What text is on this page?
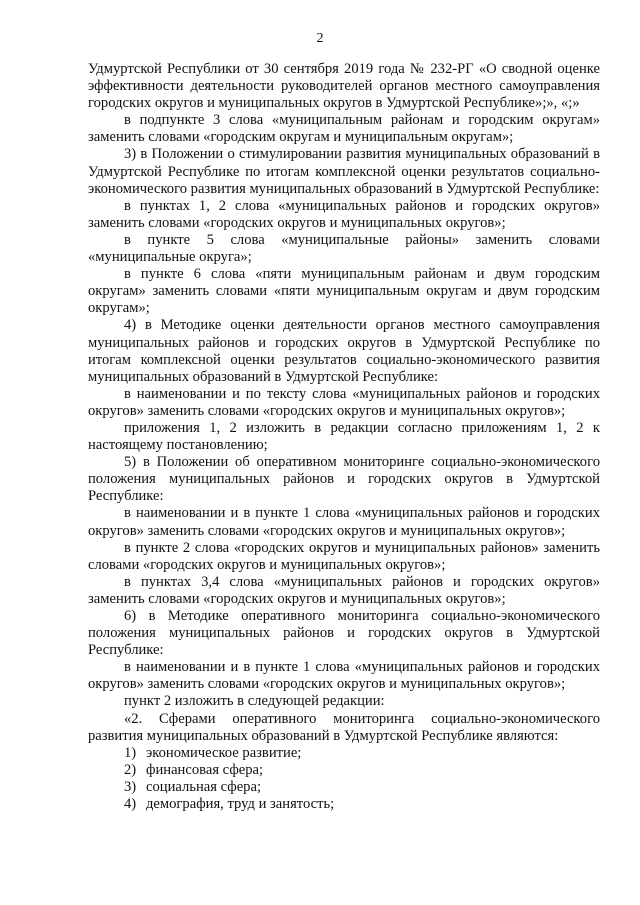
2

Удмуртской Республики от 30 сентября 2019 года № 232-РГ «О сводной оценке эффективности деятельности руководителей органов местного самоуправления городских округов и муниципальных округов в Удмуртской Республике»;», «;»

в подпункте 3 слова «муниципальным районам и городским округам» заменить словами «городским округам и муниципальным округам»;

3) в Положении о стимулировании развития муниципальных образований в Удмуртской Республике по итогам комплексной оценки результатов социально-экономического развития муниципальных образований в Удмуртской Республике:

в пунктах 1, 2 слова «муниципальных районов и городских округов» заменить словами «городских округов и муниципальных округов»;

в пункте 5 слова «муниципальные районы» заменить словами «муниципальные округа»;

в пункте 6 слова «пяти муниципальным районам и двум городским округам» заменить словами «пяти муниципальным округам и двум городским округам»;

4) в Методике оценки деятельности органов местного самоуправления муниципальных районов и городских округов в Удмуртской Республике по итогам комплексной оценки результатов социально-экономического развития муниципальных образований в Удмуртской Республике:

в наименовании и по тексту слова «муниципальных районов и городских округов» заменить словами «городских округов и муниципальных округов»;

приложения 1, 2 изложить в редакции согласно приложениям 1, 2 к настоящему постановлению;

5) в Положении об оперативном мониторинге социально-экономического положения муниципальных районов и городских округов в Удмуртской Республике:

в наименовании и в пункте 1 слова «муниципальных районов и городских округов» заменить словами «городских округов и муниципальных округов»;

в пункте 2 слова «городских округов и муниципальных районов» заменить словами «городских округов и муниципальных округов»;

в пунктах 3,4 слова «муниципальных районов и городских округов» заменить словами «городских округов и муниципальных округов»;

6) в Методике оперативного мониторинга социально-экономического положения муниципальных районов и городских округов в Удмуртской Республике:

в наименовании и в пункте 1 слова «муниципальных районов и городских округов» заменить словами «городских округов и муниципальных округов»;

пункт 2 изложить в следующей редакции:

«2. Сферами оперативного мониторинга социально-экономического развития муниципальных образований в Удмуртской Республике являются:

1) экономическое развитие;
2) финансовая сфера;
3) социальная сфера;
4) демография, труд и занятость;
